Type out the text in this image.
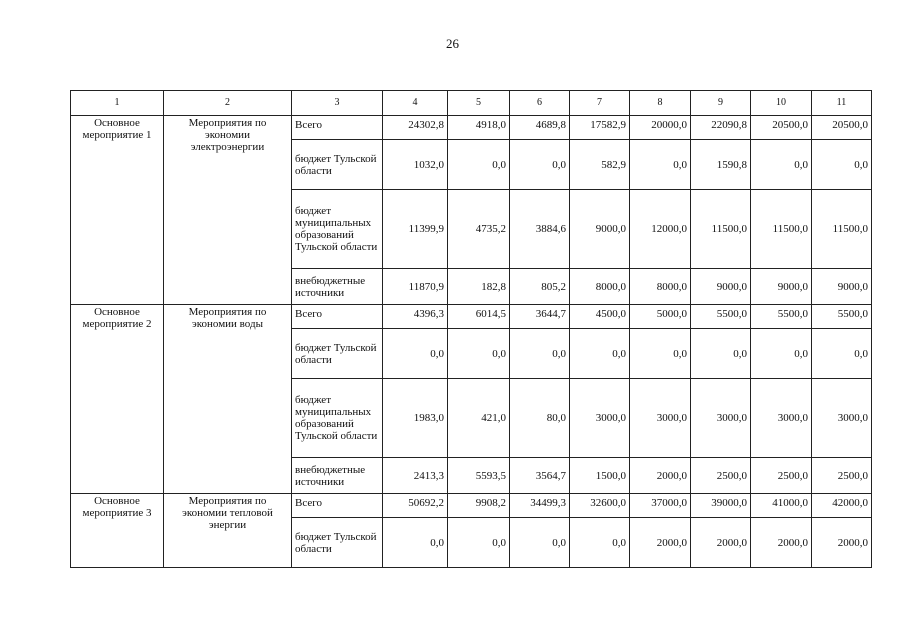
26
1	2	3	4	5	6	7	8	9	10	11
Основное мероприятие 1	Мероприятия по экономии электроэнергии	Всего	24302,8	4918,0	4689,8	17582,9	20000,0	22090,8	20500,0	20500,0
		бюджет Тульской области	1032,0	0,0	0,0	582,9	0,0	1590,8	0,0	0,0
		бюджет муниципальных образований Тульской области	11399,9	4735,2	3884,6	9000,0	12000,0	11500,0	11500,0	11500,0
		внебюджетные источники	11870,9	182,8	805,2	8000,0	8000,0	9000,0	9000,0	9000,0
Основное мероприятие 2	Мероприятия по экономии воды	Всего	4396,3	6014,5	3644,7	4500,0	5000,0	5500,0	5500,0	5500,0
		бюджет Тульской области	0,0	0,0	0,0	0,0	0,0	0,0	0,0	0,0
		бюджет муниципальных образований Тульской области	1983,0	421,0	80,0	3000,0	3000,0	3000,0	3000,0	3000,0
		внебюджетные источники	2413,3	5593,5	3564,7	1500,0	2000,0	2500,0	2500,0	2500,0
Основное мероприятие 3	Мероприятия по экономии тепловой энергии	Всего	50692,2	9908,2	34499,3	32600,0	37000,0	39000,0	41000,0	42000,0
		бюджет Тульской области	0,0	0,0	0,0	0,0	2000,0	2000,0	2000,0	2000,0
